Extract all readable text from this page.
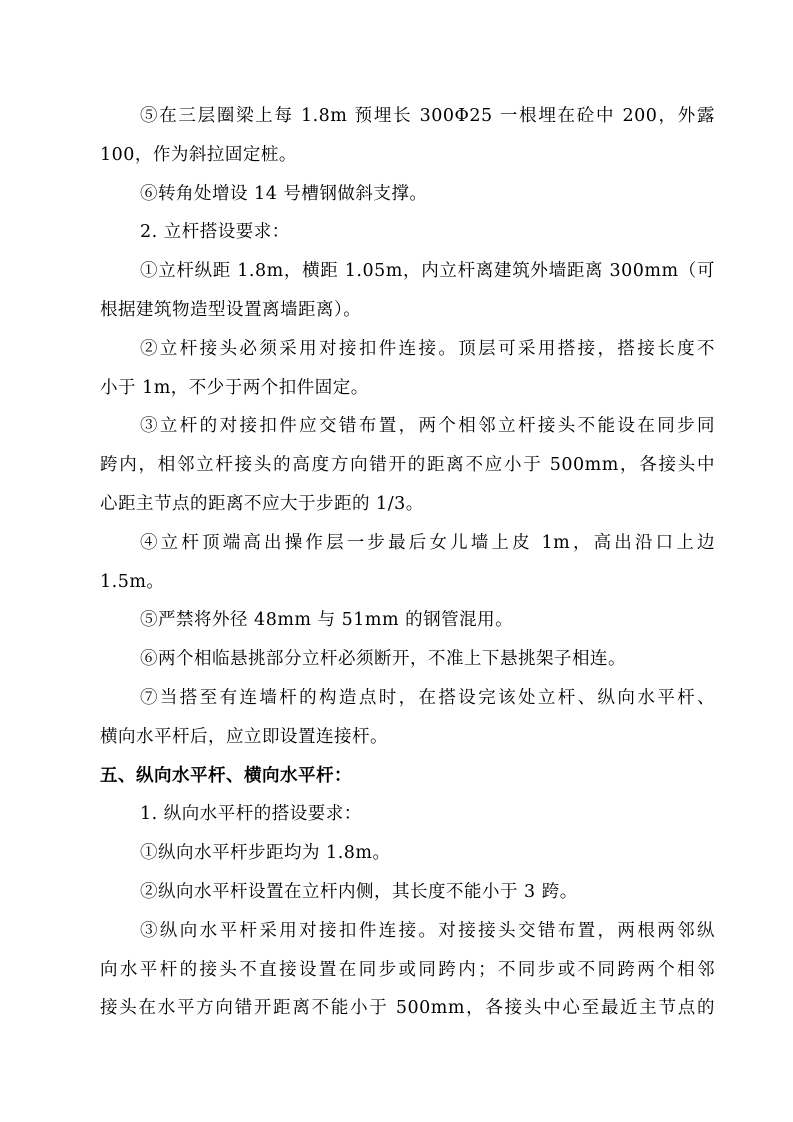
⑤在三层圈梁上每 1.8m 预埋长 300Φ25 一根埋在砼中 200，外露
100，作为斜拉固定桩。
⑥转角处增设 14 号槽钢做斜支撑。
2. 立杆搭设要求：
①立杆纵距 1.8m，横距 1.05m，内立杆离建筑外墙距离 300mm（可
根据建筑物造型设置离墙距离）。
②立杆接头必须采用对接扣件连接。顶层可采用搭接，搭接长度不
小于 1m，不少于两个扣件固定。
③立杆的对接扣件应交错布置，两个相邻立杆接头不能设在同步同
跨内，相邻立杆接头的高度方向错开的距离不应小于 500mm，各接头中
心距主节点的距离不应大于步距的 1/3。
④立杆顶端高出操作层一步最后女儿墙上皮 1m，高出沿口上边
1.5m。
⑤严禁将外径 48mm 与 51mm 的钢管混用。
⑥两个相临悬挑部分立杆必须断开，不准上下悬挑架子相连。
⑦当搭至有连墙杆的构造点时，在搭设完该处立杆、纵向水平杆、
横向水平杆后，应立即设置连接杆。
五、纵向水平杆、横向水平杆：
1. 纵向水平杆的搭设要求：
①纵向水平杆步距均为 1.8m。
②纵向水平杆设置在立杆内侧，其长度不能小于 3 跨。
③纵向水平杆采用对接扣件连接。对接接头交错布置，两根两邻纵
向水平杆的接头不直接设置在同步或同跨内；不同步或不同跨两个相邻
接头在水平方向错开距离不能小于 500mm，各接头中心至最近主节点的
